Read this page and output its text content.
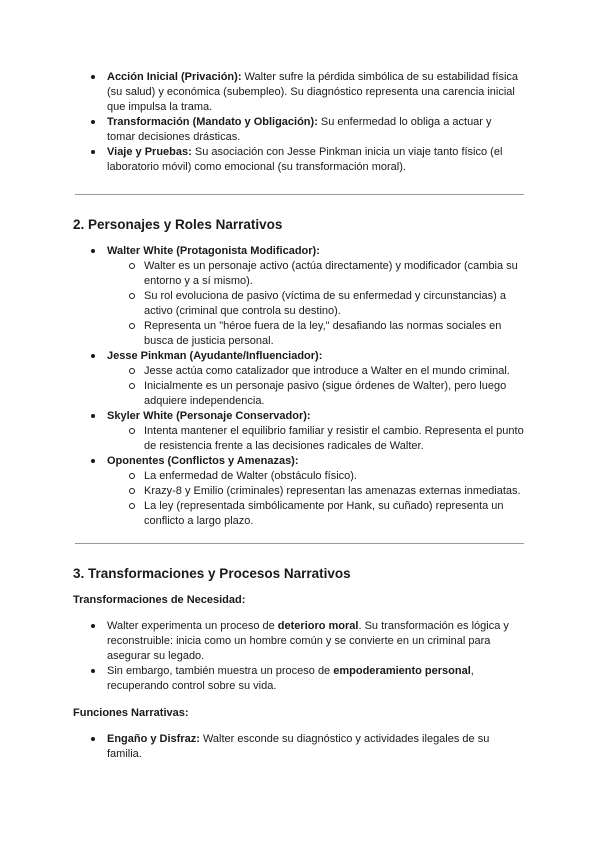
Acción Inicial (Privación): Walter sufre la pérdida simbólica de su estabilidad física (su salud) y económica (subempleo). Su diagnóstico representa una carencia inicial que impulsa la trama.
Transformación (Mandato y Obligación): Su enfermedad lo obliga a actuar y tomar decisiones drásticas.
Viaje y Pruebas: Su asociación con Jesse Pinkman inicia un viaje tanto físico (el laboratorio móvil) como emocional (su transformación moral).
2. Personajes y Roles Narrativos
Walter White (Protagonista Modificador):
Walter es un personaje activo (actúa directamente) y modificador (cambia su entorno y a sí mismo).
Su rol evoluciona de pasivo (víctima de su enfermedad y circunstancias) a activo (criminal que controla su destino).
Representa un "héroe fuera de la ley," desafiando las normas sociales en busca de justicia personal.
Jesse Pinkman (Ayudante/Influenciador):
Jesse actúa como catalizador que introduce a Walter en el mundo criminal.
Inicialmente es un personaje pasivo (sigue órdenes de Walter), pero luego adquiere independencia.
Skyler White (Personaje Conservador):
Intenta mantener el equilibrio familiar y resistir el cambio. Representa el punto de resistencia frente a las decisiones radicales de Walter.
Oponentes (Conflictos y Amenazas):
La enfermedad de Walter (obstáculo físico).
Krazy-8 y Emilio (criminales) representan las amenazas externas inmediatas.
La ley (representada simbólicamente por Hank, su cuñado) representa un conflicto a largo plazo.
3. Transformaciones y Procesos Narrativos
Transformaciones de Necesidad:
Walter experimenta un proceso de deterioro moral. Su transformación es lógica y reconstruible: inicia como un hombre común y se convierte en un criminal para asegurar su legado.
Sin embargo, también muestra un proceso de empoderamiento personal, recuperando control sobre su vida.
Funciones Narrativas:
Engaño y Disfraz: Walter esconde su diagnóstico y actividades ilegales de su familia.
